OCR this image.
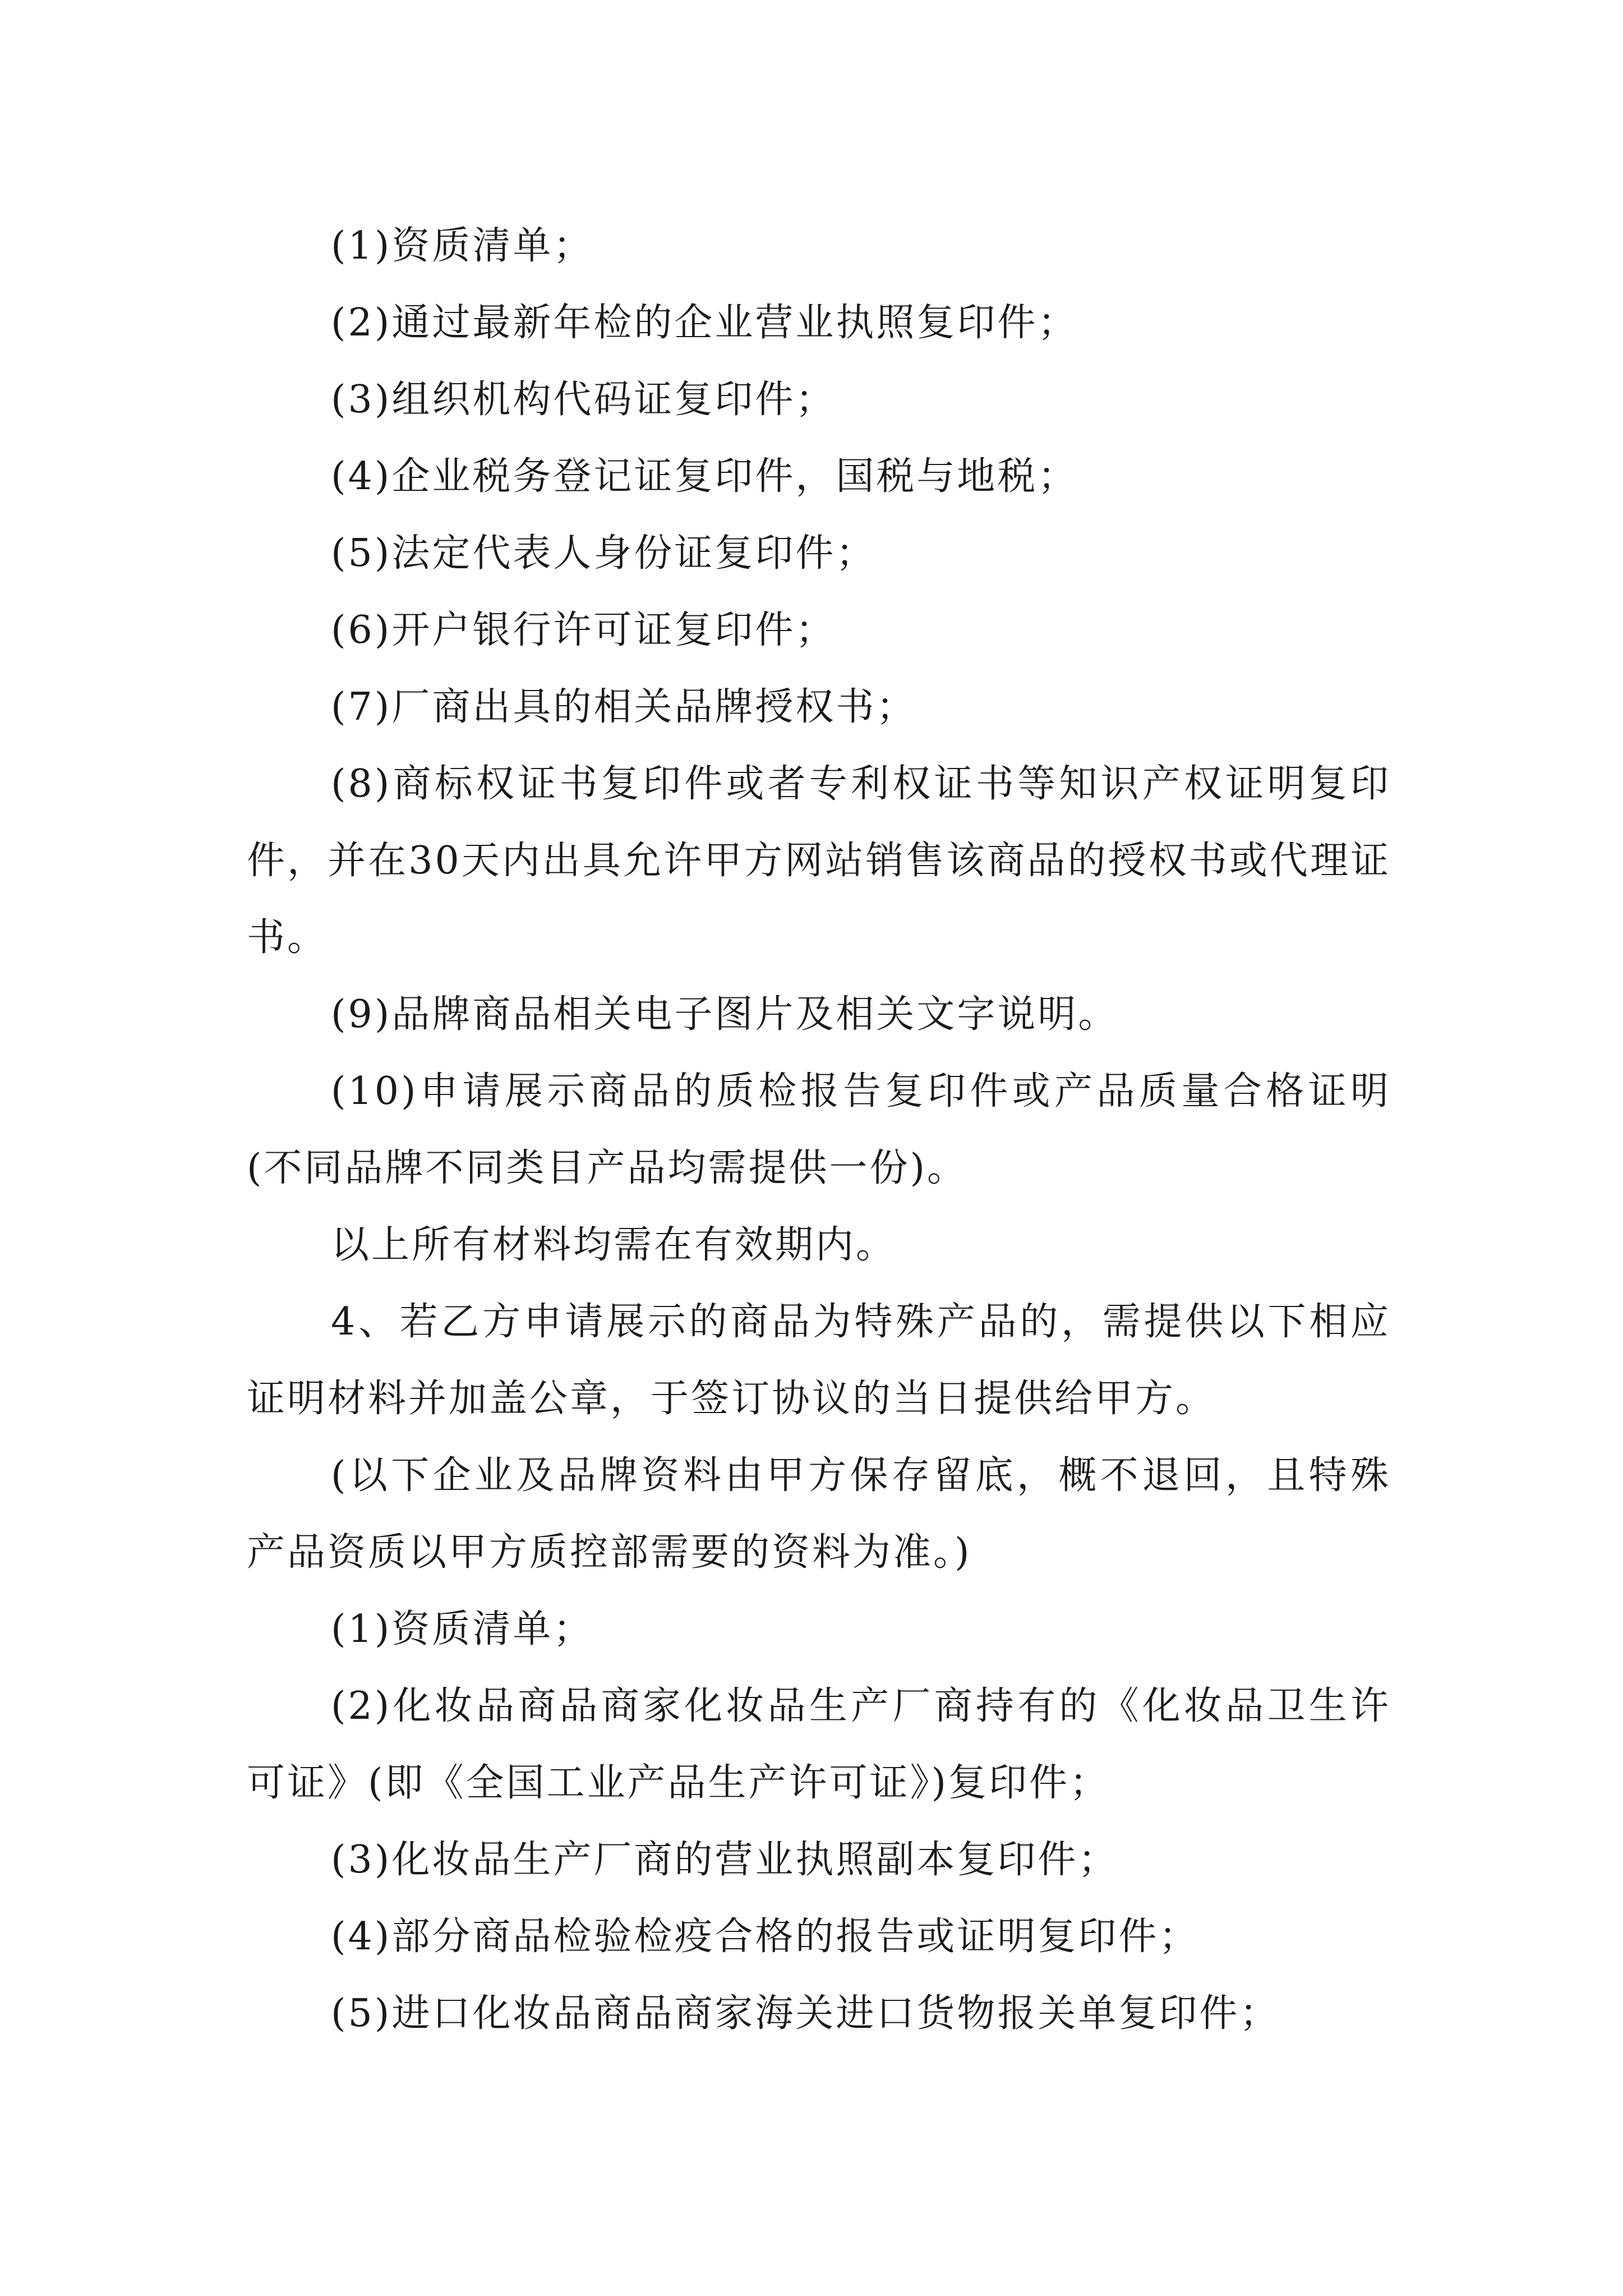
(1)资质清单；

(2)通过最新年检的企业营业执照复印件；

(3)组织机构代码证复印件；

(4)企业税务登记证复印件，国税与地税；

(5)法定代表人身份证复印件；

(6)开户银行许可证复印件；

(7)厂商出具的相关品牌授权书；

(8)商标权证书复印件或者专利权证书等知识产权证明复印件，并在30天内出具允许甲方网站销售该商品的授权书或代理证书。

(9)品牌商品相关电子图片及相关文字说明。

(10)申请展示商品的质检报告复印件或产品质量合格证明(不同品牌不同类目产品均需提供一份)。

以上所有材料均需在有效期内。

4、若乙方申请展示的商品为特殊产品的，需提供以下相应证明材料并加盖公章，于签订协议的当日提供给甲方。

(以下企业及品牌资料由甲方保存留底，概不退回，且特殊产品资质以甲方质控部需要的资料为准。)

(1)资质清单；

(2)化妆品商品商家化妆品生产厂商持有的《化妆品卫生许可证》(即《全国工业产品生产许可证》)复印件；

(3)化妆品生产厂商的营业执照副本复印件；

(4)部分商品检验检疫合格的报告或证明复印件；

(5)进口化妆品商品商家海关进口货物报关单复印件；
